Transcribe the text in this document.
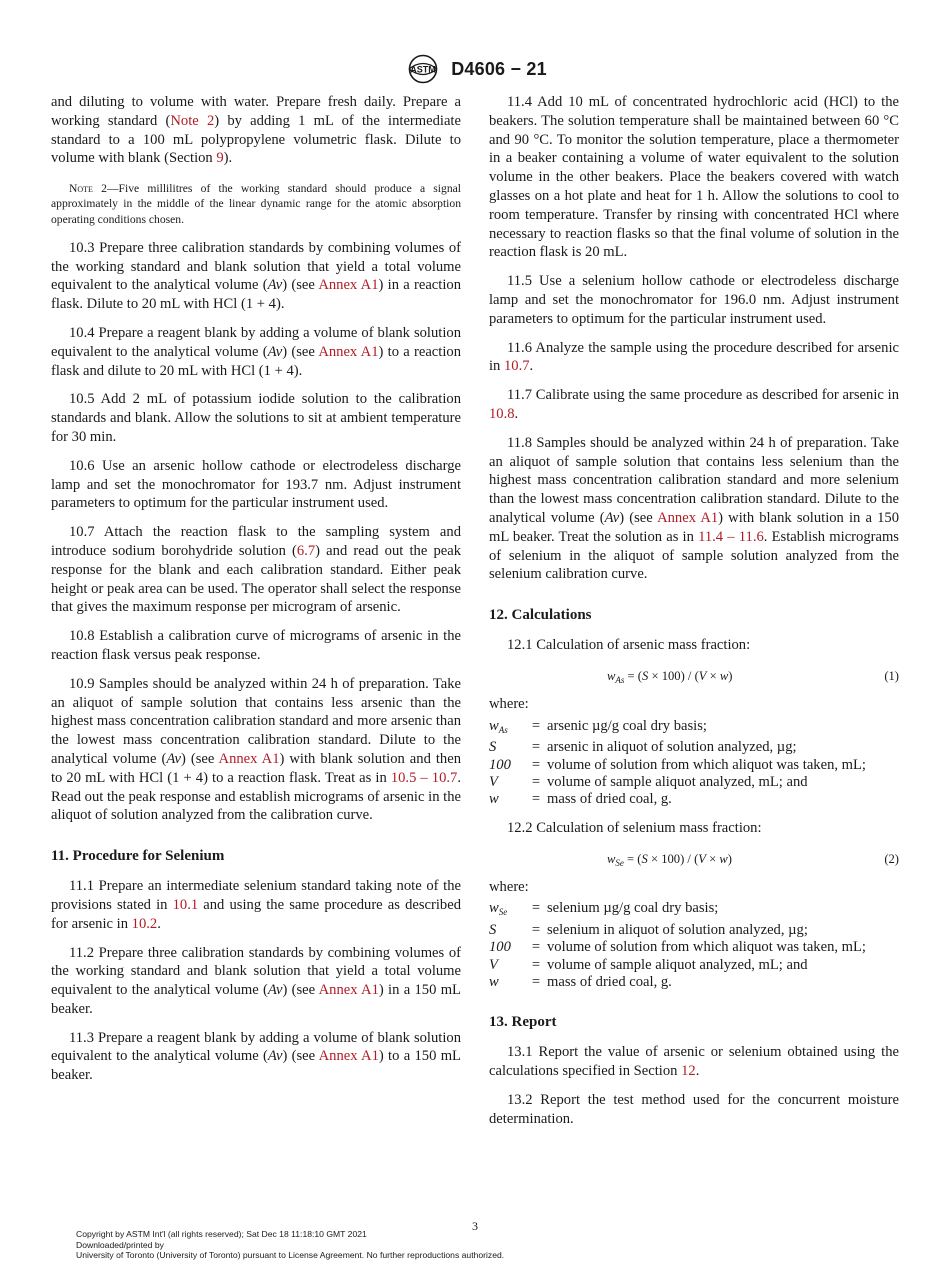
ASTM D4606 − 21

and diluting to volume with water. Prepare fresh daily. Prepare a working standard (Note 2) by adding 1 mL of the intermediate standard to a 100 mL polypropylene volumetric flask. Dilute to volume with blank (Section 9).

Note 2—Five millilitres of the working standard should produce a signal approximately in the middle of the linear dynamic range for the atomic absorption operating conditions chosen.

10.3 Prepare three calibration standards by combining volumes of the working standard and blank solution that yield a total volume equivalent to the analytical volume (Av) (see Annex A1) in a reaction flask. Dilute to 20 mL with HCl (1 + 4).

10.4 Prepare a reagent blank by adding a volume of blank solution equivalent to the analytical volume (Av) (see Annex A1) to a reaction flask and dilute to 20 mL with HCl (1 + 4).

10.5 Add 2 mL of potassium iodide solution to the calibration standards and blank. Allow the solutions to sit at ambient temperature for 30 min.

10.6 Use an arsenic hollow cathode or electrodeless discharge lamp and set the monochromator for 193.7 nm. Adjust instrument parameters to optimum for the particular instrument used.

10.7 Attach the reaction flask to the sampling system and introduce sodium borohydride solution (6.7) and read out the peak response for the blank and each calibration standard. Either peak height or peak area can be used. The operator shall select the response that gives the maximum response per microgram of arsenic.

10.8 Establish a calibration curve of micrograms of arsenic in the reaction flask versus peak response.

10.9 Samples should be analyzed within 24 h of preparation. Take an aliquot of sample solution that contains less arsenic than the highest mass concentration calibration standard and more arsenic than the lowest mass concentration calibration standard. Dilute to the analytical volume (Av) (see Annex A1) with blank solution and then to 20 mL with HCl (1 + 4) to a reaction flask. Treat as in 10.5 – 10.7. Read out the peak response and establish micrograms of arsenic in the aliquot of solution analyzed from the calibration curve.

11. Procedure for Selenium

11.1 Prepare an intermediate selenium standard taking note of the provisions stated in 10.1 and using the same procedure as described for arsenic in 10.2.

11.2 Prepare three calibration standards by combining volumes of the working standard and blank solution that yield a total volume equivalent to the analytical volume (Av) (see Annex A1) in a 150 mL beaker.

11.3 Prepare a reagent blank by adding a volume of blank solution equivalent to the analytical volume (Av) (see Annex A1) to a 150 mL beaker.

11.4 Add 10 mL of concentrated hydrochloric acid (HCl) to the beakers. The solution temperature shall be maintained between 60 °C and 90 °C. To monitor the solution temperature, place a thermometer in a beaker containing a volume of water equivalent to the solution volume in the other beakers. Place the beakers covered with watch glasses on a hot plate and heat for 1 h. Allow the solutions to cool to room temperature. Transfer by rinsing with concentrated HCl where necessary to reaction flasks so that the final volume of solution in the reaction flask is 20 mL.

11.5 Use a selenium hollow cathode or electrodeless discharge lamp and set the monochromator for 196.0 nm. Adjust instrument parameters to optimum for the particular instrument used.

11.6 Analyze the sample using the procedure described for arsenic in 10.7.

11.7 Calibrate using the same procedure as described for arsenic in 10.8.

11.8 Samples should be analyzed within 24 h of preparation. Take an aliquot of sample solution that contains less selenium than the highest mass concentration calibration standard and more selenium than the lowest mass concentration calibration standard. Dilute to the analytical volume (Av) (see Annex A1) with blank solution in a 150 mL beaker. Treat the solution as in 11.4 – 11.6. Establish micrograms of selenium in the aliquot of sample solution analyzed from the selenium calibration curve.

12. Calculations

12.1 Calculation of arsenic mass fraction:

$w_{As} = (S \times 100) / (V \times w)$	(1)
where:
$w_{As}$	=	arsenic µg/g coal dry basis;
S	=	arsenic in aliquot of solution analyzed, µg;
100	=	volume of solution from which aliquot was taken, mL;
V	=	volume of sample aliquot analyzed, mL; and
w	=	mass of dried coal, g.

12.2 Calculation of selenium mass fraction:

$w_{Se} = (S \times 100) / (V \times w)$	(2)
where:
$w_{Se}$	=	selenium µg/g coal dry basis;
S	=	selenium in aliquot of solution analyzed, µg;
100	=	volume of solution from which aliquot was taken, mL;
V	=	volume of sample aliquot analyzed, mL; and
w	=	mass of dried coal, g.
13. Report

13.1 Report the value of arsenic or selenium obtained using the calculations specified in Section 12.

13.2 Report the test method used for the concurrent moisture determination.

3
Copyright by ASTM Int'l (all rights reserved); Sat Dec 18 11:18:10 GMT 2021
Downloaded/printed by
University of Toronto (University of Toronto) pursuant to License Agreement. No further reproductions authorized.
